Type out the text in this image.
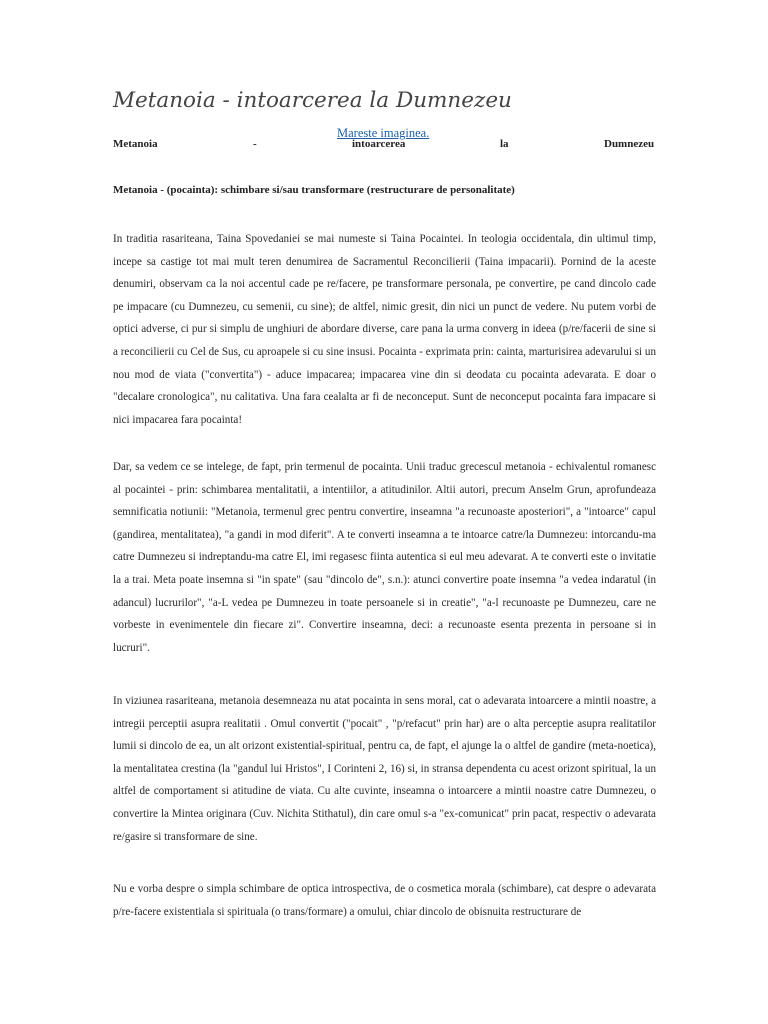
Metanoia - intoarcerea la Dumnezeu
Mareste imaginea.
Metanoia	-	intoarcerea	la	Dumnezeu
Metanoia - (pocainta): schimbare si/sau transformare (restructurare de personalitate)

In traditia rasariteana, Taina Spovedaniei se mai numeste si Taina Pocaintei. In teologia occidentala, din ultimul timp, incepe sa castige tot mai mult teren denumirea de Sacramentul Reconcilierii (Taina impacarii). Pornind de la aceste denumiri, observam ca la noi accentul cade pe re/facere, pe transformare personala, pe convertire, pe cand dincolo cade pe impacare (cu Dumnezeu, cu semenii, cu sine); de altfel, nimic gresit, din nici un punct de vedere. Nu putem vorbi de optici adverse, ci pur si simplu de unghiuri de abordare diverse, care pana la urma converg in ideea (p/re/facerii de sine si a reconcilierii cu Cel de Sus, cu aproapele si cu sine insusi. Pocainta - exprimata prin: cainta, marturisirea adevarului si un nou mod de viata ("convertita") - aduce impacarea; impacarea vine din si deodata cu pocainta adevarata. E doar o "decalare cronologica", nu calitativa. Una fara cealalta ar fi de neconceput. Sunt de neconceput pocainta fara impacare si nici impacarea fara pocainta!

Dar, sa vedem ce se intelege, de fapt, prin termenul de pocainta. Unii traduc grecescul metanoia - echivalentul romanesc al pocaintei - prin: schimbarea mentalitatii, a intentiilor, a atitudinilor. Altii autori, precum Anselm Grun, aprofundeaza semnificatia notiunii: "Metanoia, termenul grec pentru convertire, inseamna "a recunoaste aposteriori", a "intoarce" capul (gandirea, mentalitatea), "a gandi in mod diferit". A te converti inseamna a te intoarce catre/la Dumnezeu: intorcandu-ma catre Dumnezeu si indreptandu-ma catre El, imi regasesc fiinta autentica si eul meu adevarat. A te converti este o invitatie la a trai. Meta poate insemna si "in spate" (sau "dincolo de", s.n.): atunci convertire poate insemna "a vedea indaratul (in adancul) lucrurilor", "a-L vedea pe Dumnezeu in toate persoanele si in creatie", "a-l recunoaste pe Dumnezeu, care ne vorbeste in evenimentele din fiecare zi". Convertire inseamna, deci: a recunoaste esenta prezenta in persoane si in lucruri".

In viziunea rasariteana, metanoia desemneaza nu atat pocainta in sens moral, cat o adevarata intoarcere a mintii noastre, a intregii perceptii asupra realitatii . Omul convertit ("pocait" , "p/refacut" prin har) are o alta perceptie asupra realitatilor lumii si dincolo de ea, un alt orizont existential-spiritual, pentru ca, de fapt, el ajunge la o altfel de gandire (meta-noetica), la mentalitatea crestina (la "gandul lui Hristos", I Corinteni 2, 16) si, in stransa dependenta cu acest orizont spiritual, la un altfel de comportament si atitudine de viata. Cu alte cuvinte, inseamna o intoarcere a mintii noastre catre Dumnezeu, o convertire la Mintea originara (Cuv. Nichita Stithatul), din care omul s-a "ex-comunicat" prin pacat, respectiv o adevarata re/gasire si transformare de sine.

Nu e vorba despre o simpla schimbare de optica introspectiva, de o cosmetica morala (schimbare), cat despre o adevarata p/re-facere existentiala si spirituala (o trans/formare) a omului, chiar dincolo de obisnuita restructurare de
